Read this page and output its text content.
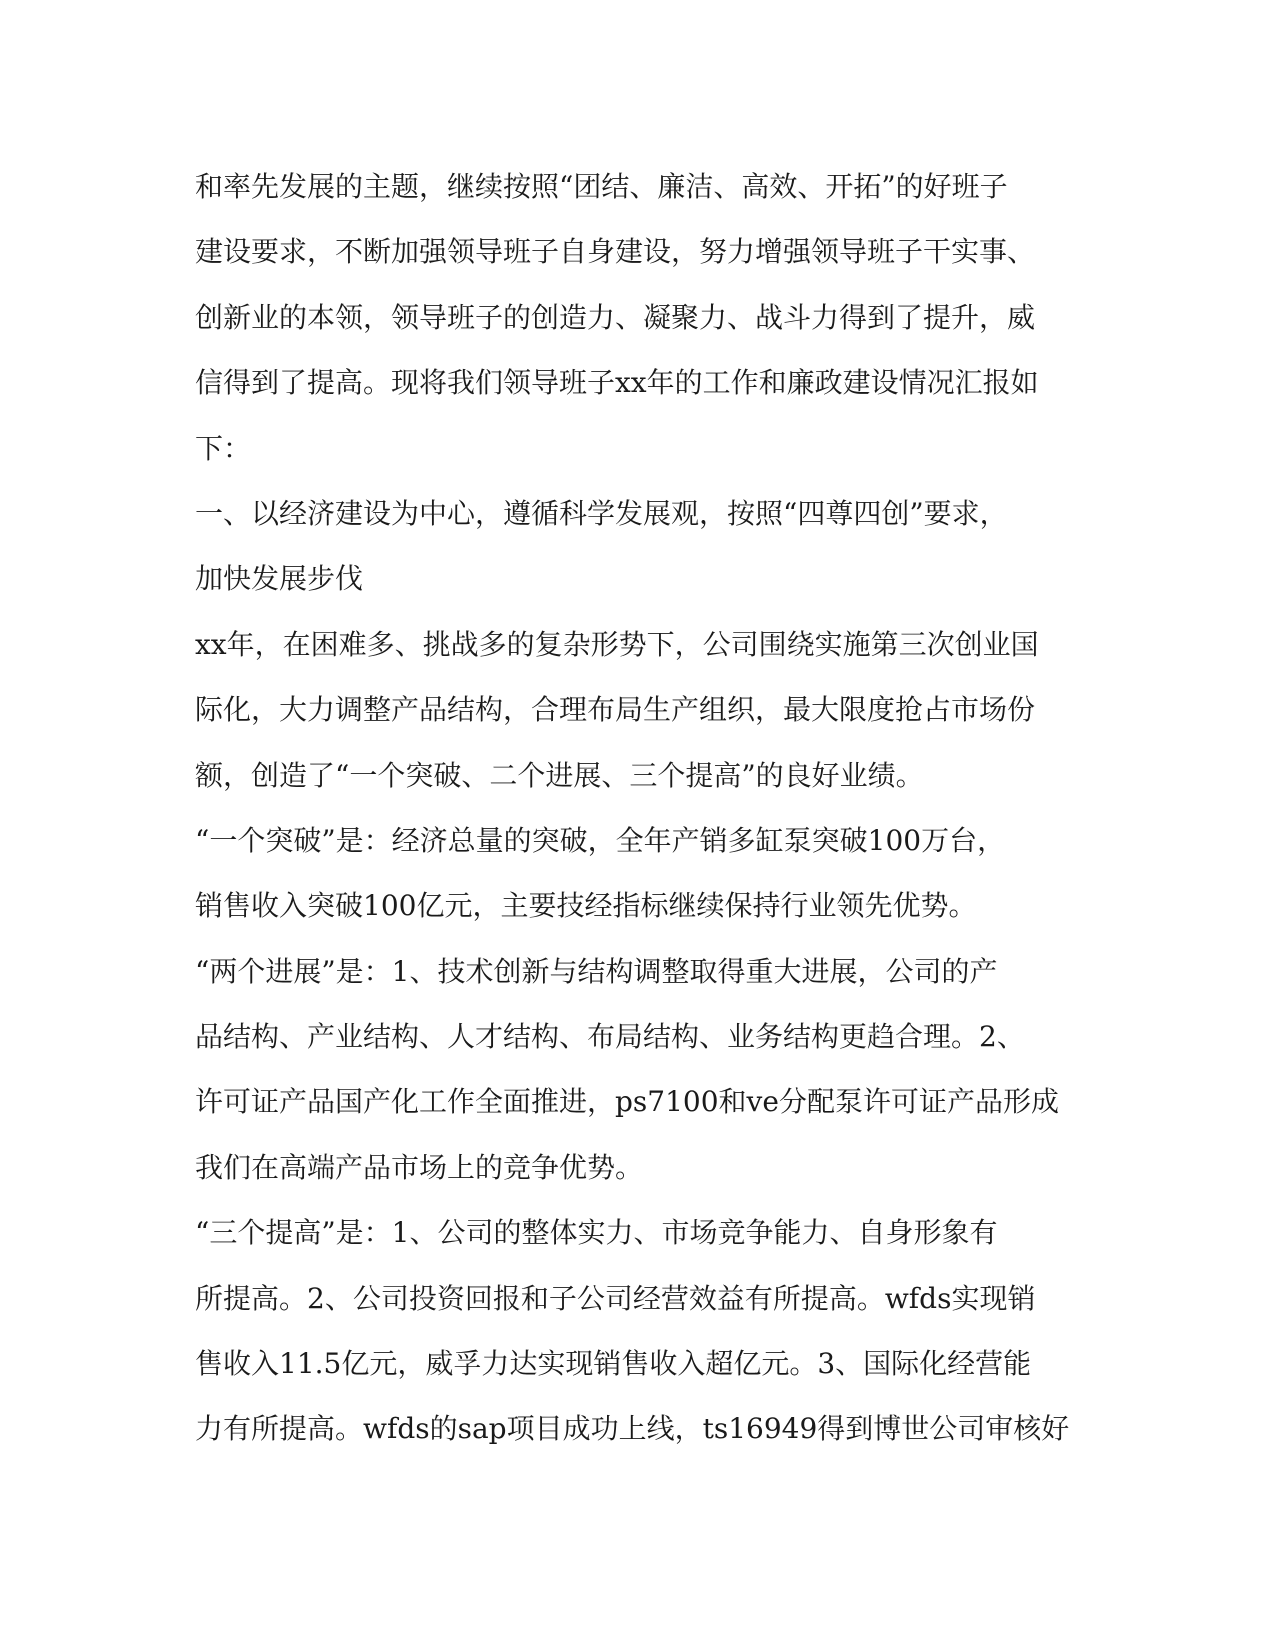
和率先发展的主题，继续按照“团结、廉洁、高效、开拓”的好班子
建设要求，不断加强领导班子自身建设，努力增强领导班子干实事、
创新业的本领，领导班子的创造力、凝聚力、战斗力得到了提升，威
信得到了提高。现将我们领导班子xx年的工作和廉政建设情况汇报如
下：
一、以经济建设为中心，遵循科学发展观，按照“四尊四创”要求，
加快发展步伐
xx年，在困难多、挑战多的复杂形势下，公司围绕实施第三次创业国
际化，大力调整产品结构，合理布局生产组织，最大限度抢占市场份
额，创造了“一个突破、二个进展、三个提高”的良好业绩。
“一个突破”是：经济总量的突破，全年产销多缸泵突破100万台，
销售收入突破100亿元，主要技经指标继续保持行业领先优势。
“两个进展”是：1、技术创新与结构调整取得重大进展，公司的产
品结构、产业结构、人才结构、布局结构、业务结构更趋合理。2、
许可证产品国产化工作全面推进，ps7100和ve分配泵许可证产品形成
我们在高端产品市场上的竞争优势。
“三个提高”是：1、公司的整体实力、市场竞争能力、自身形象有
所提高。2、公司投资回报和子公司经营效益有所提高。wfds实现销
售收入11.5亿元，威孚力达实现销售收入超亿元。3、国际化经营能
力有所提高。wfds的sap项目成功上线，ts16949得到博世公司审核好
